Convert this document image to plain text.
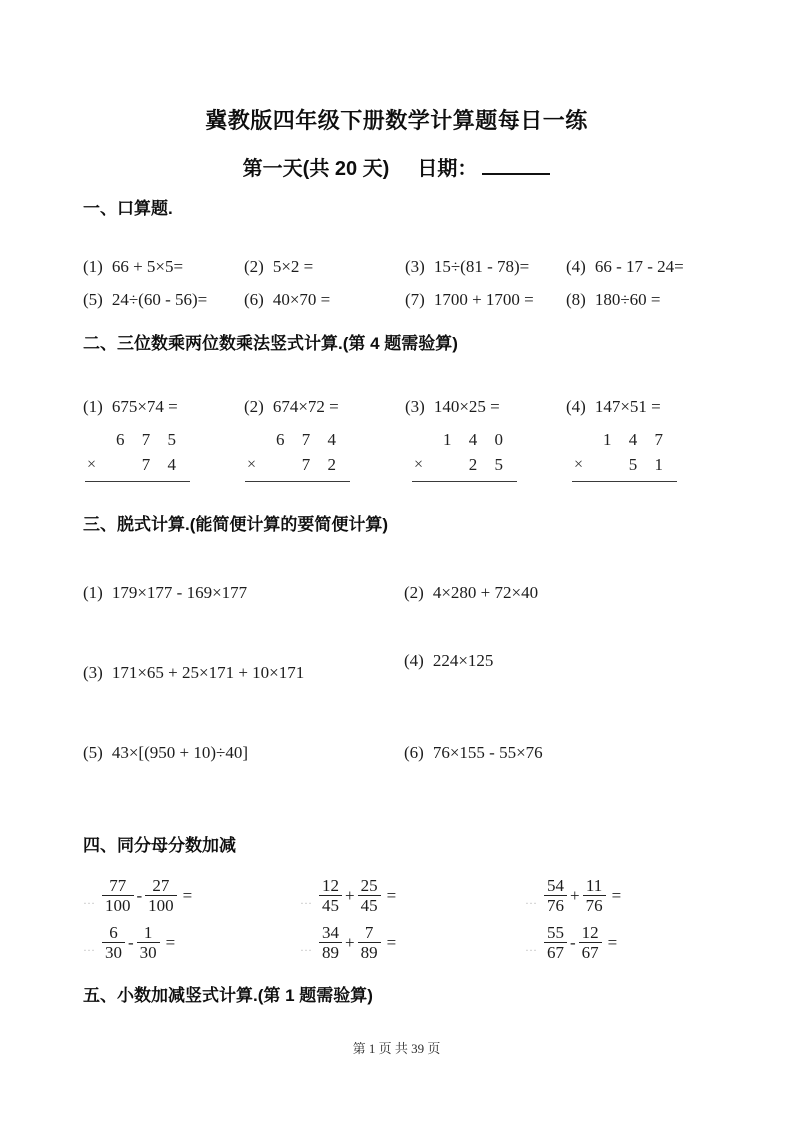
冀教版四年级下册数学计算题每日一练
第一天(共 20 天) 日期：
一、口算题.
(1) 66 + 5×5=	(2) 5×2 =	(3) 15÷(81 - 78)=	(4) 66 - 17 - 24=
(5) 24÷(60 - 56)=	(6) 40×70 =	(7) 1700 + 1700 =	(8) 180÷60 =
二、三位数乘两位数乘法竖式计算.(第 4 题需验算)
(1) 675×74 =	(2) 674×72 =	(3) 140×25 =	(4) 147×51 =
6 7 5
×	7 4
6 7 4
×	7 2
1 4 0
×	2 5
1 4 7
×	5 1
三、脱式计算.(能简便计算的要简便计算)
(1) 179×177 - 169×177	(2) 4×280 + 72×40
(3) 171×65 + 25×171 + 10×171
(4) 224×125
(5) 43×[(950 + 10)÷40]	(6) 76×155 - 55×76
四、同分母分数加减
… $\frac{77}{100} - \frac{27}{100}$ =	… $\frac{12}{45} + \frac{25}{45}$ =	… $\frac{54}{76} + \frac{11}{76}$ =
… $\frac{6}{30} - \frac{1}{30}$ =	… $\frac{34}{89} + \frac{7}{89}$ =	… $\frac{55}{67} - \frac{12}{67}$ =
五、小数加减竖式计算.(第 1 题需验算)
第 1 页 共 39 页
